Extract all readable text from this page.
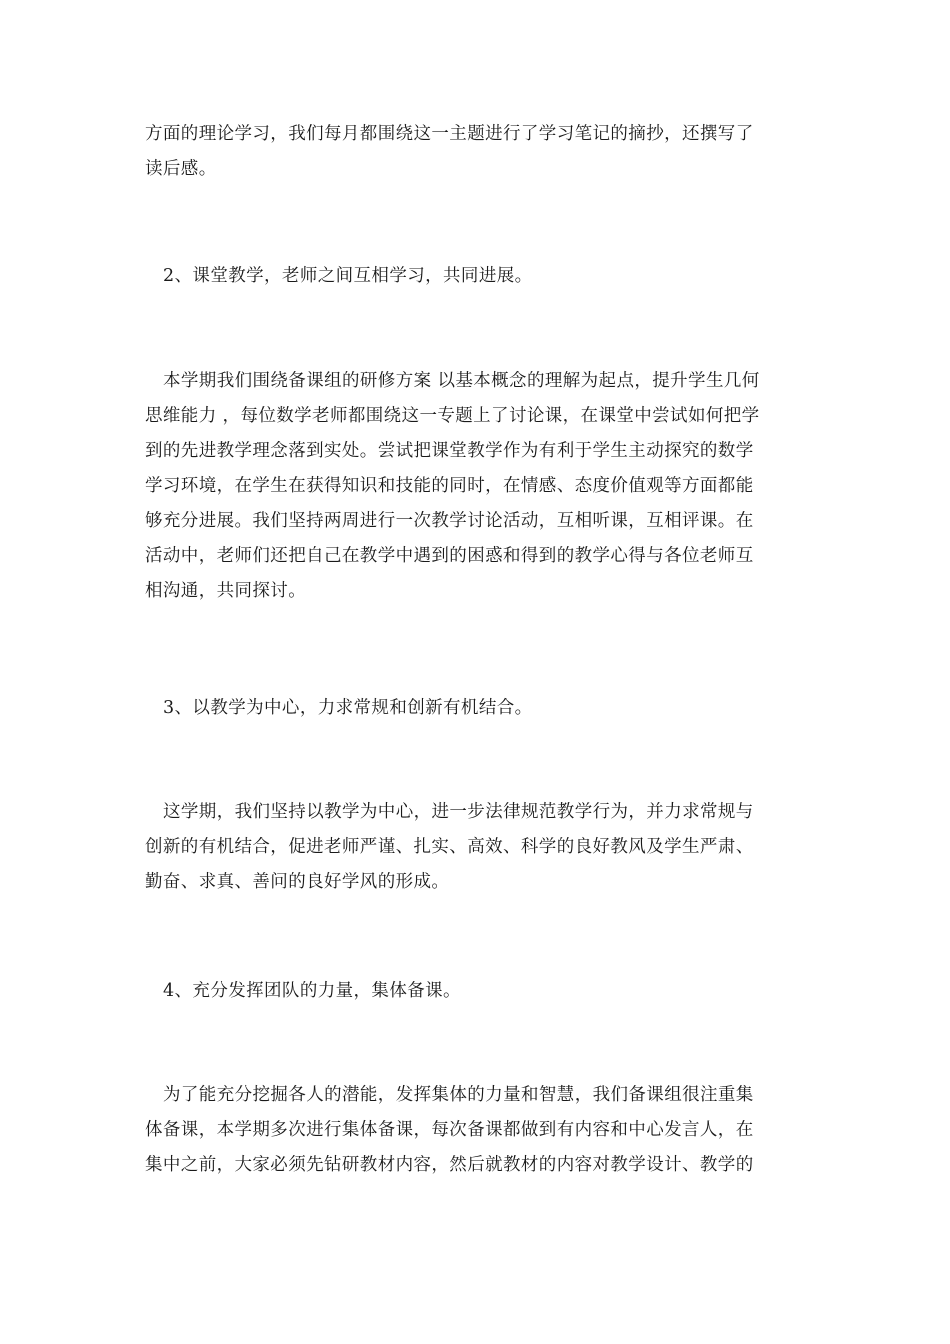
方面的理论学习，我们每月都围绕这一主题进行了学习笔记的摘抄，还撰写了
读后感。
2、课堂教学，老师之间互相学习，共同进展。
本学期我们围绕备课组的研修方案 以基本概念的理解为起点，提升学生几何
思维能力 ，每位数学老师都围绕这一专题上了讨论课，在课堂中尝试如何把学
到的先进教学理念落到实处。尝试把课堂教学作为有利于学生主动探究的数学
学习环境，在学生在获得知识和技能的同时，在情感、态度价值观等方面都能
够充分进展。我们坚持两周进行一次教学讨论活动，互相听课，互相评课。在
活动中，老师们还把自己在教学中遇到的困惑和得到的教学心得与各位老师互
相沟通，共同探讨。
3、以教学为中心，力求常规和创新有机结合。
这学期，我们坚持以教学为中心，进一步法律规范教学行为，并力求常规与
创新的有机结合，促进老师严谨、扎实、高效、科学的良好教风及学生严肃、
勤奋、求真、善问的良好学风的形成。
4、充分发挥团队的力量，集体备课。
为了能充分挖掘各人的潜能，发挥集体的力量和智慧，我们备课组很注重集
体备课，本学期多次进行集体备课，每次备课都做到有内容和中心发言人，在
集中之前，大家必须先钻研教材内容，然后就教材的内容对教学设计、教学的
